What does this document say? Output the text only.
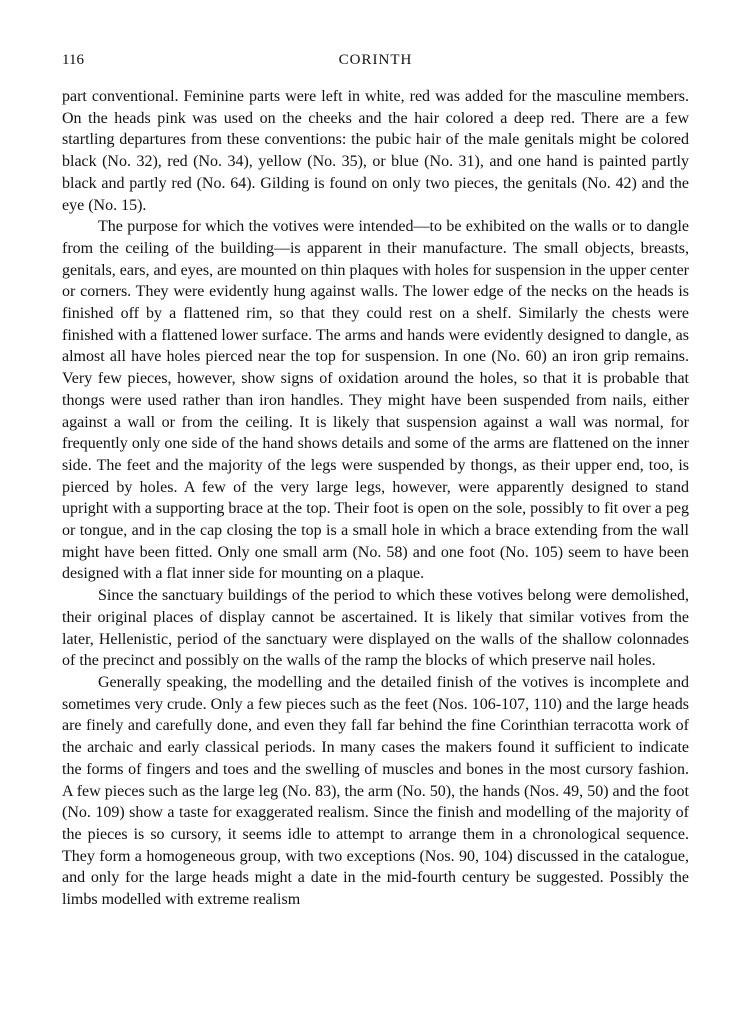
116	CORINTH

part conventional. Feminine parts were left in white, red was added for the masculine members. On the heads pink was used on the cheeks and the hair colored a deep red. There are a few startling departures from these conventions: the pubic hair of the male genitals might be colored black (No. 32), red (No. 34), yellow (No. 35), or blue (No. 31), and one hand is painted partly black and partly red (No. 64). Gilding is found on only two pieces, the genitals (No. 42) and the eye (No. 15).

The purpose for which the votives were intended—to be exhibited on the walls or to dangle from the ceiling of the building—is apparent in their manufacture. The small objects, breasts, genitals, ears, and eyes, are mounted on thin plaques with holes for suspension in the upper center or corners. They were evidently hung against walls. The lower edge of the necks on the heads is finished off by a flattened rim, so that they could rest on a shelf. Similarly the chests were finished with a flattened lower surface. The arms and hands were evidently designed to dangle, as almost all have holes pierced near the top for suspension. In one (No. 60) an iron grip remains. Very few pieces, however, show signs of oxidation around the holes, so that it is probable that thongs were used rather than iron handles. They might have been suspended from nails, either against a wall or from the ceiling. It is likely that suspension against a wall was normal, for frequently only one side of the hand shows details and some of the arms are flattened on the inner side. The feet and the majority of the legs were suspended by thongs, as their upper end, too, is pierced by holes. A few of the very large legs, however, were apparently designed to stand upright with a supporting brace at the top. Their foot is open on the sole, possibly to fit over a peg or tongue, and in the cap closing the top is a small hole in which a brace extending from the wall might have been fitted. Only one small arm (No. 58) and one foot (No. 105) seem to have been designed with a flat inner side for mounting on a plaque.

Since the sanctuary buildings of the period to which these votives belong were demolished, their original places of display cannot be ascertained. It is likely that similar votives from the later, Hellenistic, period of the sanctuary were displayed on the walls of the shallow colonnades of the precinct and possibly on the walls of the ramp the blocks of which preserve nail holes.

Generally speaking, the modelling and the detailed finish of the votives is incomplete and sometimes very crude. Only a few pieces such as the feet (Nos. 106-107, 110) and the large heads are finely and carefully done, and even they fall far behind the fine Corinthian terracotta work of the archaic and early classical periods. In many cases the makers found it sufficient to indicate the forms of fingers and toes and the swelling of muscles and bones in the most cursory fashion. A few pieces such as the large leg (No. 83), the arm (No. 50), the hands (Nos. 49, 50) and the foot (No. 109) show a taste for exaggerated realism. Since the finish and modelling of the majority of the pieces is so cursory, it seems idle to attempt to arrange them in a chronological sequence. They form a homogeneous group, with two exceptions (Nos. 90, 104) discussed in the catalogue, and only for the large heads might a date in the mid-fourth century be suggested. Possibly the limbs modelled with extreme realism
